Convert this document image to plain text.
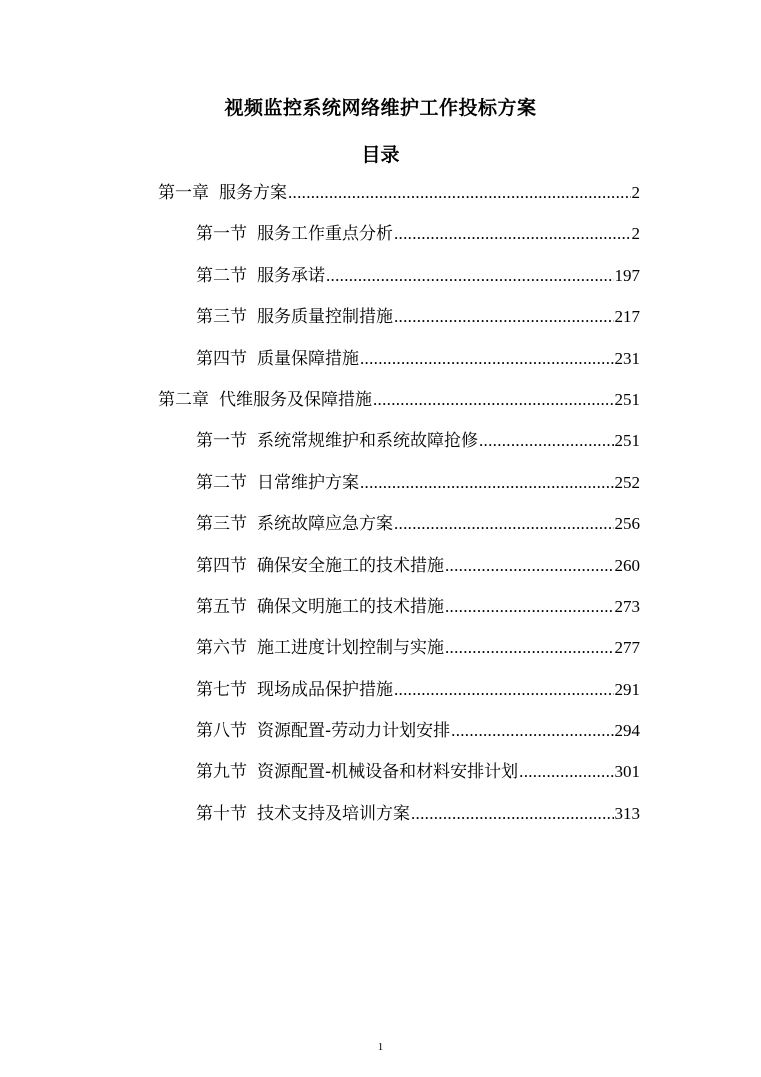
视频监控系统网络维护工作投标方案
目录
第一章 服务方案 .....	2
第一节 服务工作重点分析 .....	2
第二节 服务承诺 .....	197
第三节 服务质量控制措施 .....	217
第四节 质量保障措施 .....	231
第二章 代维服务及保障措施 .....	251
第一节 系统常规维护和系统故障抢修 .....	251
第二节 日常维护方案 .....	252
第三节 系统故障应急方案 .....	256
第四节 确保安全施工的技术措施 .....	260
第五节 确保文明施工的技术措施 .....	273
第六节 施工进度计划控制与实施 .....	277
第七节 现场成品保护措施 .....	291
第八节 资源配置-劳动力计划安排 .....	294
第九节 资源配置-机械设备和材料安排计划 .....	301
第十节 技术支持及培训方案 .....	313
1
